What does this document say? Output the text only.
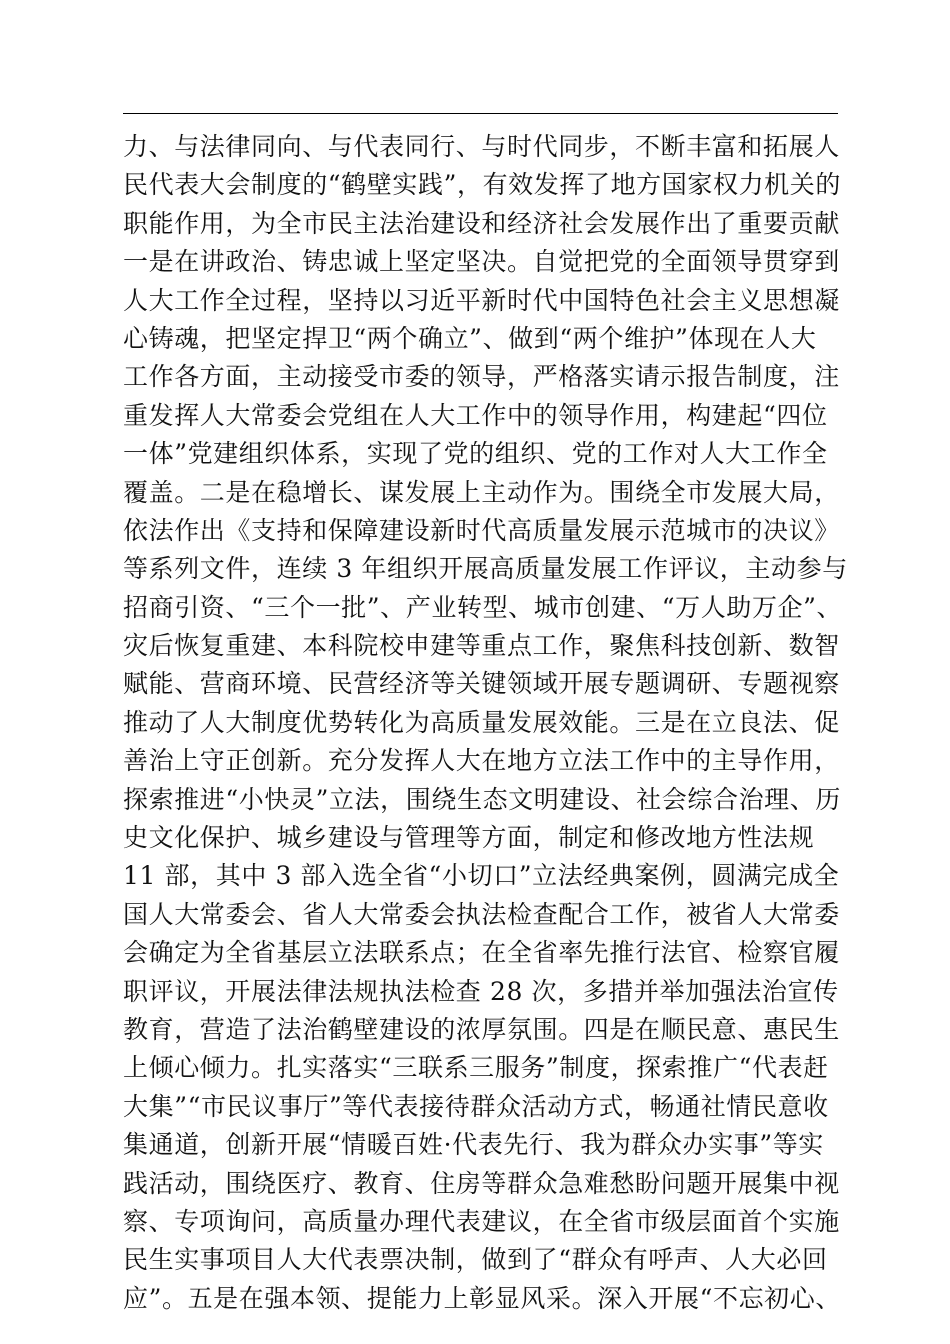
力、与法律同向、与代表同行、与时代同步，不断丰富和拓展人
民代表大会制度的“鹤壁实践”，有效发挥了地方国家权力机关的
职能作用，为全市民主法治建设和经济社会发展作出了重要贡献
一是在讲政治、铸忠诚上坚定坚决。自觉把党的全面领导贯穿到
人大工作全过程，坚持以习近平新时代中国特色社会主义思想凝
心铸魂，把坚定捍卫“两个确立”、做到“两个维护”体现在人大
工作各方面，主动接受市委的领导，严格落实请示报告制度，注
重发挥人大常委会党组在人大工作中的领导作用，构建起“四位
一体”党建组织体系，实现了党的组织、党的工作对人大工作全
覆盖。二是在稳增长、谋发展上主动作为。围绕全市发展大局，
依法作出《支持和保障建设新时代高质量发展示范城市的决议》
等系列文件，连续 3 年组织开展高质量发展工作评议，主动参与
招商引资、“三个一批”、产业转型、城市创建、“万人助万企”、
灾后恢复重建、本科院校申建等重点工作，聚焦科技创新、数智
赋能、营商环境、民营经济等关键领域开展专题调研、专题视察
推动了人大制度优势转化为高质量发展效能。三是在立良法、促
善治上守正创新。充分发挥人大在地方立法工作中的主导作用，
探索推进“小快灵”立法，围绕生态文明建设、社会综合治理、历
史文化保护、城乡建设与管理等方面，制定和修改地方性法规
11 部，其中 3 部入选全省“小切口”立法经典案例，圆满完成全
国人大常委会、省人大常委会执法检查配合工作，被省人大常委
会确定为全省基层立法联系点；在全省率先推行法官、检察官履
职评议，开展法律法规执法检查 28 次，多措并举加强法治宣传
教育，营造了法治鹤壁建设的浓厚氛围。四是在顺民意、惠民生
上倾心倾力。扎实落实“三联系三服务”制度，探索推广“代表赶
大集”“市民议事厅”等代表接待群众活动方式，畅通社情民意收
集通道，创新开展“情暖百姓·代表先行、我为群众办实事”等实
践活动，围绕医疗、教育、住房等群众急难愁盼问题开展集中视
察、专项询问，高质量办理代表建议，在全省市级层面首个实施
民生实事项目人大代表票决制，做到了“群众有呼声、人大必回
应”。五是在强本领、提能力上彰显风采。深入开展“不忘初心、
